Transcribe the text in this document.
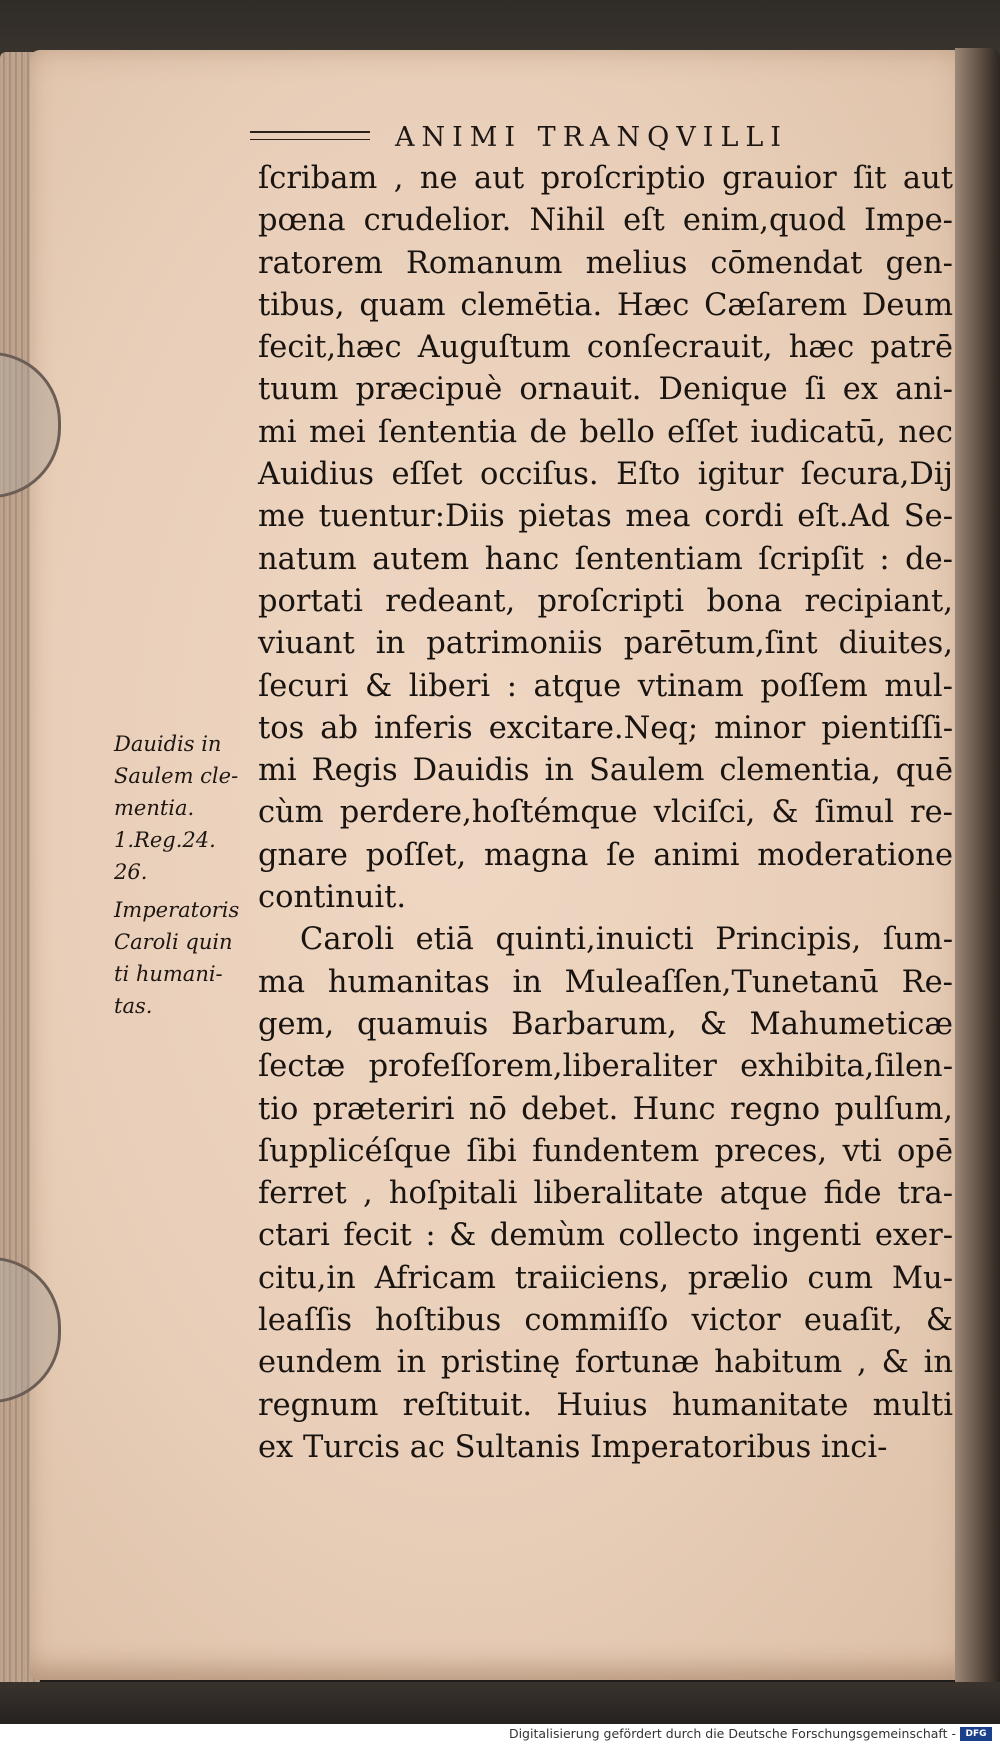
ANIMI TRANQVILLI
ſcribam , ne aut proſcriptio grauior ſit aut
pœna crudelior. Nihil eſt enim,quod Impe-
ratorem Romanum melius cōmendat gen-
tibus, quam clemētia. Hæc Cæſarem Deum
fecit,hæc Auguſtum conſecrauit, hæc patrē
tuum præcipuè ornauit. Denique ſi ex ani-
mi mei ſententia de bello eſſet iudicatū, nec
Auidius eſſet occiſus. Eſto igitur ſecura,Dij
me tuentur:Diis pietas mea cordi eſt.Ad Se-
natum autem hanc ſententiam ſcripſit : de-
portati redeant, proſcripti bona recipiant,
viuant in patrimoniis parētum,ſint diuites,
ſecuri & liberi : atque vtinam poſſem mul-
tos ab inferis excitare.Neq; minor pientiſſi-
mi Regis Dauidis in Saulem clementia, quē
cùm perdere,hoſtémque vlciſci, & ſimul re-
gnare poſſet, magna ſe animi moderatione
continuit.
Caroli etiā quinti,inuicti Principis, ſum-
ma humanitas in Muleaſſen,Tunetanū Re-
gem, quamuis Barbarum, & Mahumeticæ
ſectæ profeſſorem,liberaliter exhibita,ſilen-
tio præteriri nō debet. Hunc regno pulſum,
ſupplicéſque ſibi fundentem preces, vti opē
ferret , hoſpitali liberalitate atque fide tra-
ctari fecit : & demùm collecto ingenti exer-
citu,in Africam traiiciens, prælio cum Mu-
leaſſis hoſtibus commiſſo victor euaſit, &
eundem in pristinę fortunæ habitum , & in
regnum reſtituit. Huius humanitate multi
ex Turcis ac Sultanis Imperatoribus inci-
Dauidis in
Saulem cle-
mentia.
1.Reg.24.
26.
Imperatoris
Caroli quin
ti humani-
tas.
Digitalisierung gefördert durch die Deutsche Forschungsgemeinschaft -	DFG
